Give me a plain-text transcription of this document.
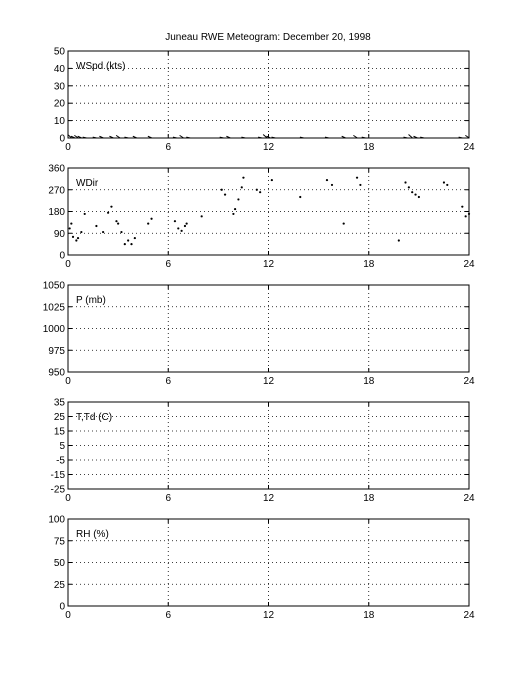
Juneau RWE Meteogram: December 20, 1998
0	6	12	18	24
0
10
20
30
40
50
WSpd (kts)
0	6	12	18	24
0
90
180
270
360
WDir
0	6	12	18	24
950
975
1000
1025
1050
P (mb)
0	6	12	18	24
-25
-15
-5
5
15
25
35
T,Td (C)
0	6	12	18	24
0
25
50
75
100
RH (%)
